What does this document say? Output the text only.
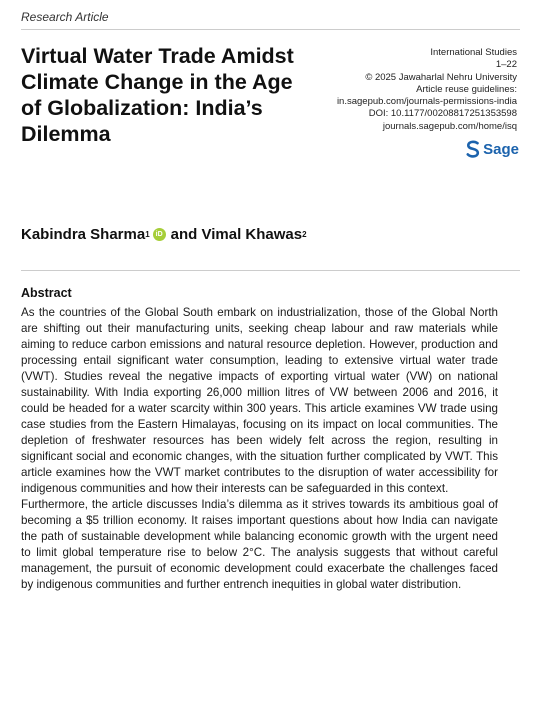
Research Article
Virtual Water Trade Amidst Climate Change in the Age of Globalization: India’s Dilemma
International Studies
1–22
© 2025 Jawaharlal Nehru University
Article reuse guidelines:
in.sagepub.com/journals-permissions-india
DOI: 10.1177/00208817251353598
journals.sagepub.com/home/isq
Sage
Kabindra Sharma 1 iD and
Vimal Khawas 2
Abstract

As the countries of the Global South embark on industrialization, those of the Global North are shifting out their manufacturing units, seeking cheap labour and raw materials while aiming to reduce carbon emissions and natural resource depletion. However, production and processing entail significant water consumption, leading to extensive virtual water trade (VWT). Studies reveal the negative impacts of exporting virtual water (VW) on national sustainability. With India exporting 26,000 million litres of VW between 2006 and 2016, it could be headed for a water scarcity within 300 years. This article examines VW trade using case studies from the Eastern Himalayas, focusing on its impact on local communities. The depletion of freshwater resources has been widely felt across the region, resulting in significant social and economic changes, with the situation further complicated by VWT. This article examines how the VWT market contributes to the disruption of water accessibility for indigenous communities and how their interests can be safeguarded in this context.

Furthermore, the article discusses India’s dilemma as it strives towards its ambitious goal of becoming a $5 trillion economy. It raises important questions about how India can navigate the path of sustainable development while balancing economic growth with the urgent need to limit global temperature rise to below 2°C. The analysis suggests that without careful management, the pursuit of economic development could exacerbate the challenges faced by indigenous communities and further entrench inequities in global water distribution.
